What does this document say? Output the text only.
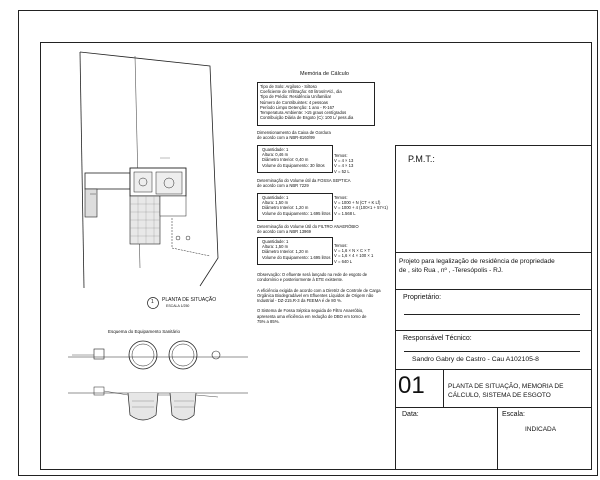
1 PLANTA DE SITUAÇÃO
ESCALA 1/250
Memória de Cálculo
Tipo de Solo: Argiloso - Siltoso
Coeficiente de Infiltração: 60 litros/m²/d., dia
Tipo de Prédio: Residência Unifamiliar
Número de Contribuintes: 4 pessoas
Período Limpo Detenção: 1 ano - R-167
Temperatura Ambiente: >15 graus centígrados
Contribuição Diária de Esgoto (C): 100 L/ pess.dia
Dimensionamento da Caixa de Gordura
de acordo com a NBR-8160/99
Quantidade: 1
Altura: 0,46 m
Diâmetro Interior: 0,40 m
Volume do Equipamento: 30 litros
Temos:
V = 4 × 13
V = 4 × 13
V = 52 L
Determinação do Volume útil da FOSSA SEPTICA
de acordo com a NBR 7229
Quantidade: 1
Altura: 1,50 m
Diâmetro Interior: 1,20 m
Volume do Equipamento: 1.695 litros
Temos:
V = 1000 + N (CT + K Lf)
V = 1000 + 4 (100×1 + 57×1)
V = 1.568 L
Determinação do Volume Útil do FILTRO ANAERÓBIO
de acordo com a NBR 13969
Quantidade: 1
Altura: 1,50 m
Diâmetro Interior: 1,20 m
Volume do Equipamento: 1.695 litros
Temos:
V = 1,6 × N × C × T
V = 1,6 × 4 × 100 × 1
V = 640 L
Observação: O efluente será lançado na rede de esgoto de
condomínio e posteriormente à ETE existente.

A eficiência exigida de acordo com a Diretriz de Controle de Carga
Orgânica Biodegradável em Efluentes Líquidos de Origem não
Industrial - DZ-215.R-3 da FEEMA é de 80 %.

O Sistema de Fossa Séptica seguida de Filtro Anaeróbio,
apresenta uma eficiência em redução de DBO em torno de
75% a 85%.
Esquema do Equipamento Sanitário
P.M.T.:
Projeto para legalização de residência de propriedade
de , sito Rua , nº , -Teresópolis - RJ.
Proprietário:
Responsável Técnico:
Sandro Gabry de Castro - Cau A102105-8
01	PLANTA DE SITUAÇÃO, MEMORIA DE
CÁLCULO, SISTEMA DE ESGOTO
Data:	Escala:
INDICADA
